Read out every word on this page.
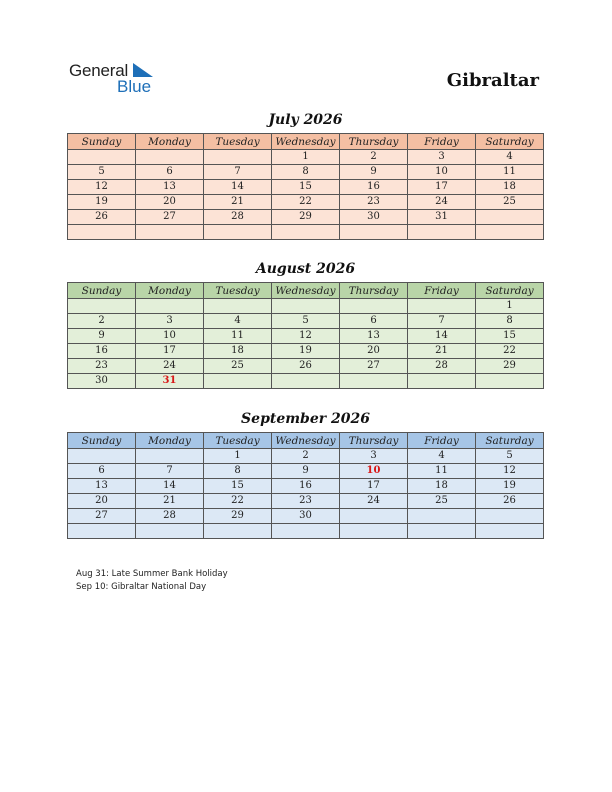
General
Blue	Gibraltar
July 2026
Sunday	Monday	Tuesday	Wednesday	Thursday	Friday	Saturday
			1	2	3	4
5	6	7	8	9	10	11
12	13	14	15	16	17	18
19	20	21	22	23	24	25
26	27	28	29	30	31	

August 2026
Sunday	Monday	Tuesday	Wednesday	Thursday	Friday	Saturday
						1
2	3	4	5	6	7	8
9	10	11	12	13	14	15
16	17	18	19	20	21	22
23	24	25	26	27	28	29
30	31					
September 2026
Sunday	Monday	Tuesday	Wednesday	Thursday	Friday	Saturday
		1	2	3	4	5
6	7	8	9	10	11	12
13	14	15	16	17	18	19
20	21	22	23	24	25	26
27	28	29	30			

Aug 31: Late Summer Bank Holiday
Sep 10: Gibraltar National Day
